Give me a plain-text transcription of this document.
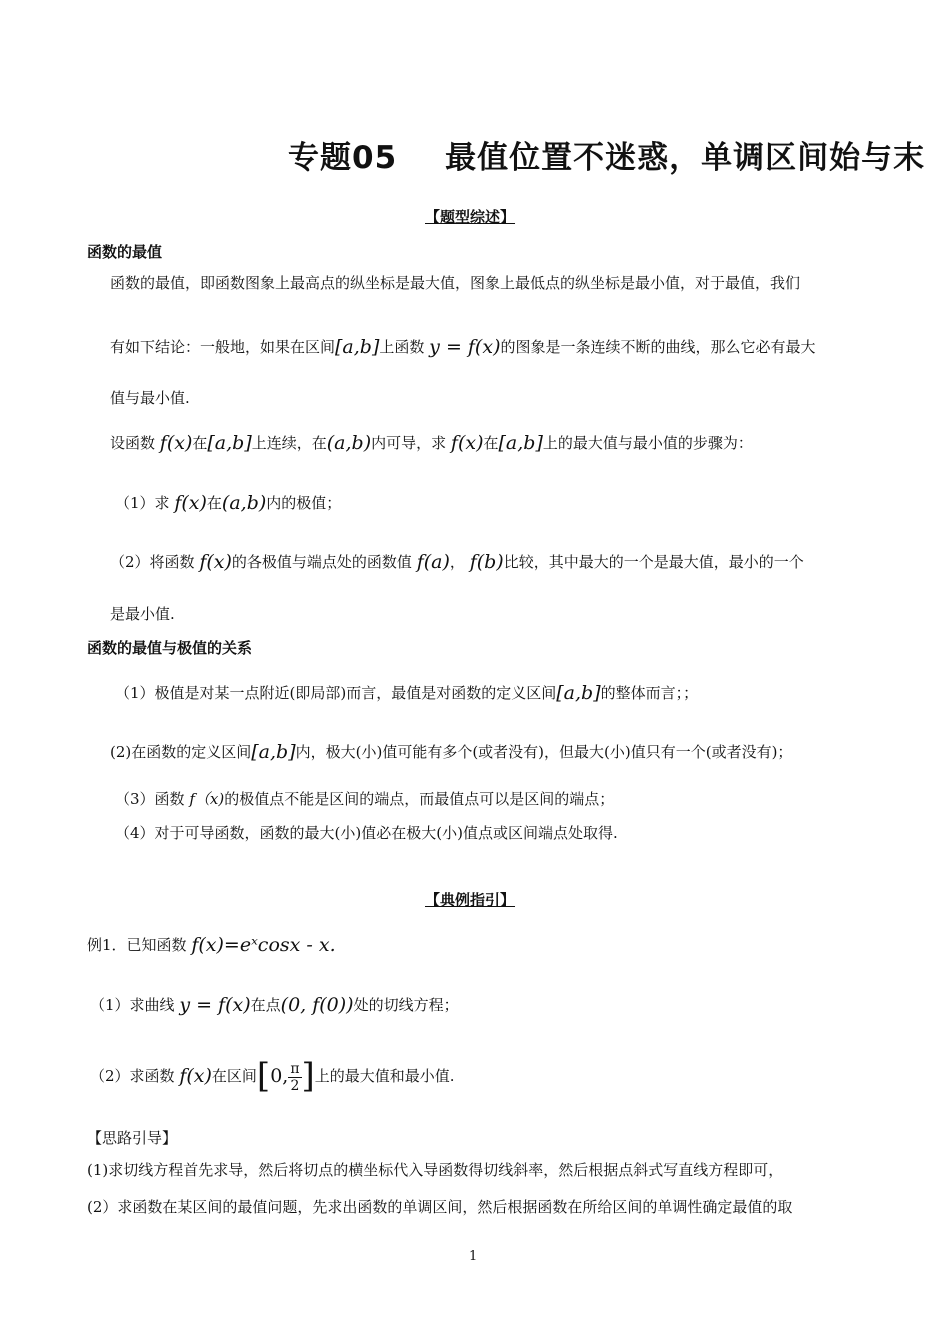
专题05 最值位置不迷惑，单调区间始与末
【题型综述】
函数的最值
函数的最值，即函数图象上最高点的纵坐标是最大值，图象上最低点的纵坐标是最小值，对于最值，我们
有如下结论：一般地，如果在区间[a,b]上函数 y = f(x)的图象是一条连续不断的曲线，那么它必有最大
值与最小值.
设函数 f(x)在[a,b]上连续，在(a,b)内可导，求 f(x)在[a,b]上的最大值与最小值的步骤为：
（1）求 f(x)在(a,b)内的极值；
（2）将函数 f(x)的各极值与端点处的函数值 f(a)， f(b)比较，其中最大的一个是最大值，最小的一个
是最小值.
函数的最值与极值的关系
（1）极值是对某一点附近(即局部)而言，最值是对函数的定义区间[a,b]的整体而言；；
(2)在函数的定义区间[a,b]内，极大(小)值可能有多个(或者没有)，但最大(小)值只有一个(或者没有)；
（3）函数 f（x)的极值点不能是区间的端点，而最值点可以是区间的端点；
（4）对于可导函数，函数的最大(小)值必在极大(小)值点或区间端点处取得.
【典例指引】
例1．已知函数 f(x)=eˣcosx - x.
（1）求曲线 y = f(x)在点(0, f(0))处的切线方程；
（2）求函数 f(x)在区间[0, $\frac{\pi}{2}$ ]上的最大值和最小值.
【思路引导】
(1)求切线方程首先求导，然后将切点的横坐标代入导函数得切线斜率，然后根据点斜式写直线方程即可，
(2）求函数在某区间的最值问题，先求出函数的单调区间，然后根据函数在所给区间的单调性确定最值的取
1
